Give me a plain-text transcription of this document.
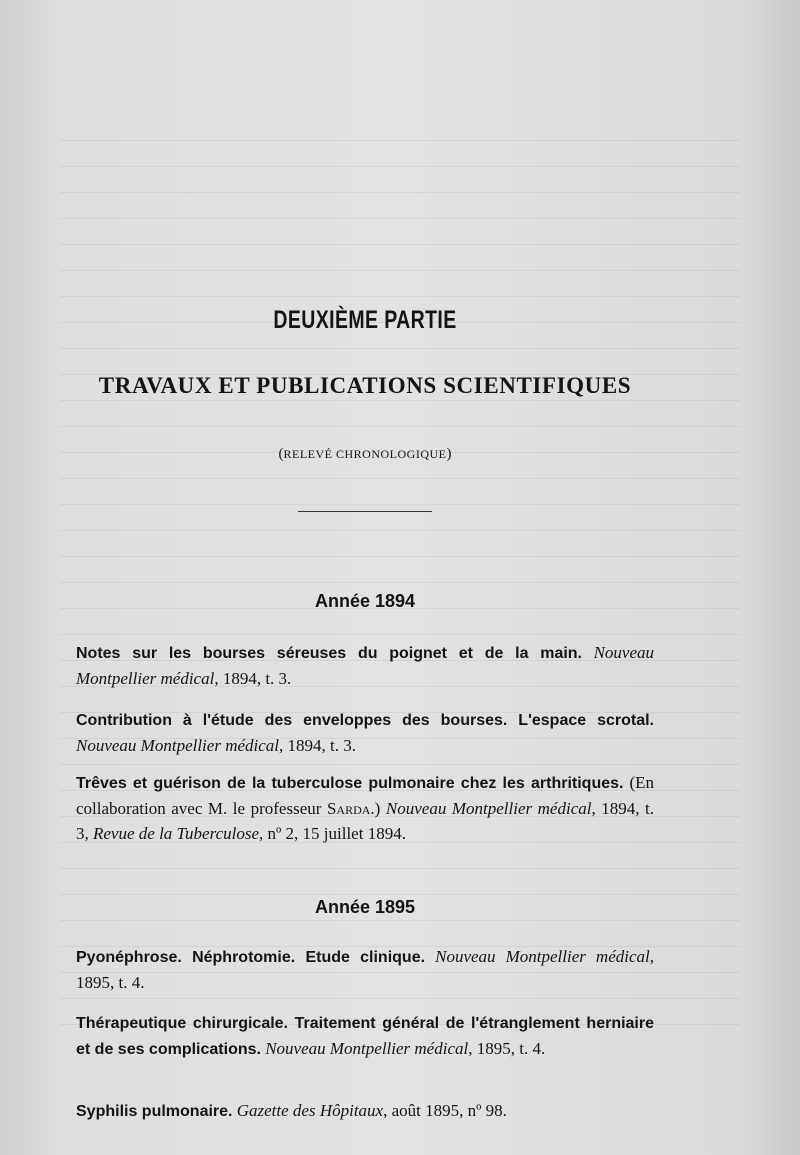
DEUXIÈME PARTIE
TRAVAUX ET PUBLICATIONS SCIENTIFIQUES

(RELEVÉ CHRONOLOGIQUE)

Année 1894

Notes sur les bourses séreuses du poignet et de la main. Nouveau Montpellier médical, 1894, t. 3.

Contribution à l'étude des enveloppes des bourses. L'espace scrotal. Nouveau Montpellier médical, 1894, t. 3.

Trêves et guérison de la tuberculose pulmonaire chez les arthritiques. (En collaboration avec M. le professeur Sarda.) Nouveau Montpellier médical, 1894, t. 3, Revue de la Tuberculose, nº 2, 15 juillet 1894.

Année 1895

Pyonéphrose. Néphrotomie. Etude clinique. Nouveau Montpellier médical, 1895, t. 4.

Thérapeutique chirurgicale. Traitement général de l'étranglement herniaire et de ses complications. Nouveau Montpellier médical, 1895, t. 4.

Syphilis pulmonaire. Gazette des Hôpitaux, août 1895, nº 98.
